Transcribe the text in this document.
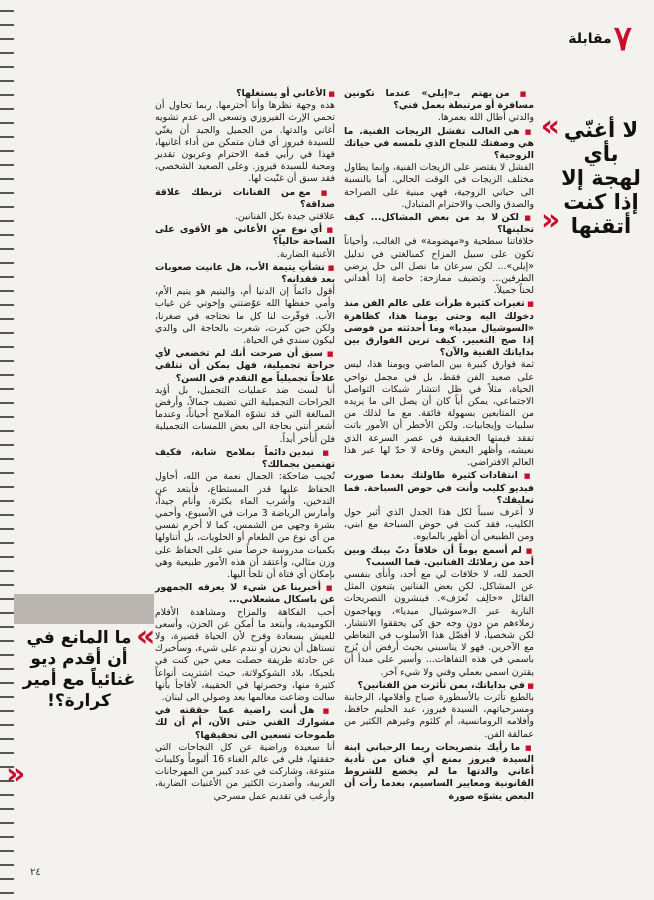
٧
مقابلة
« لا أغنّي بأي لهجة إلا إذا كنت أتقنها
«
«
ما المانع في أن أقدم ديو غنائياً مع أمير كرارة؟!
«

■ من يهتم بـ«إيلي» عندما تكونين مسافرة أو مرتبطة بعمل فني؟

والدتي أطال الله بعمرها.

■ هي الغالب تفشل الزيجات الفنية. ما هي وصفتك للنجاح الذي نلمسه في حياتك الزوجية؟

الفشل لا يقتصر على الزيجات الفنية، وإنما يطاول مختلف الزيجات في الوقت الحالي. أما بالنسبة الى حياتي الزوجية، فهي مبنية على الصراحة والصدق والحب والاحترام المتبادل.

■ لكن لا بد من بعض المشاكل... كيف تحلينها؟

خلافاتنا سطحية و«مهضومة» في الغالب، وأحياناً تكون على سبيل المزاح كمبالغتي في تدليل «إيلي»... لكن سرعان ما نصل الى حل يرضي الطرفين... وتضيف ممازحة: خاصة إذا أهداني لحناً جميلاً.

■ تغيرات كثيرة طرأت على عالم الفن منذ دخولك اليه وحتى يومنا هذا، كظاهرة «السوشيال ميديا» وما أحدثته من فوضى إذا صح التعبير. كيف ترين الفوارق بين بداياتك الفنية والآن؟

ثمة فوارق كبيرة بين الماضي ويومنا هذا، ليس على صعيد الفن فقط، بل في مجمل نواحي الحياة، مثلاً في ظل انتشار شبكات التواصل الاجتماعي، يمكن أياً كان أن يصل الى ما يريده من المتابعين بسهولة فائقة. مع ما لذلك من سلبيات وإيجابيات. ولكن الأخطر أن الأمور باتت تفقد قيمتها الحقيقية في عصر السرعة الذي نعيشه، وأظهر البعض وقاحة لا حدّ لها عبر هذا العالم الافتراضي.

■ انتقادات كثيرة طاولتك بعدما صورت فيديو كليب وأنت في حوض السباحة. فما تعليقك؟

لا أعرف سبباً لكل هذا الجدل الذي أثير حول الكليب، فقد كنت في حوض السباحة مع ابني، ومن الطبيعي أن أظهر بالمايوه.

■ لم أسمع يوماً أن خلافاً دبّ بينك وبين أحد من زملائك الفنانين. فما السبب؟

الحمد لله، لا خلافات لي مع أحد، وأنأى بنفسي عن المشاكل. لكن بعض الفنانين يتبعون المثل القائل «خالِف تُعرَف». فينشرون التصريحات النارية عبر الـ«سوشيال ميديا»، ويهاجمون زملاءهم من دون وجه حق كي يحققوا الانتشار. لكن شخصياً، لا أفضّل هذا الأسلوب في التعاطي مع الآخرين. فهو لا يناسبني بحيث أرفض أن يُزج باسمي في هذه التفاهات... وأسير على مبدأ أن يقترن اسمي بعملي وفني ولا شيء آخر.

■ في بداياتك، بمن تأثرت من الفنانين؟

بالطبع تأثرت بالأسطورة صباح وأفلامها، الرحابنة ومسرحياتهم، السيدة فيروز، عبد الحليم حافظ، وأفلامه الرومانسية، أم كلثوم وغيرهم الكثير من عمالقة الفن.

■ ما رأيك بتصريحات ريما الرحباني ابنة السيدة فيروز بمنع أي فنان من تأدية أغاني والدتها ما لم يخضع للشروط القانونية ومعايير الساسيم، بعدما رأت أن البعض يشوّه صورة

■ الأغاني أو يستغلها؟

هذه وجهة نظرها وأنا أحترمها. ربما تحاول أن تحمي الإرث الفيروزي وتسعى الى عدم تشويه أغاني والدتها. من الجميل والجيد أن يغنّي للسيدة فيروز أي فنان متمكن من أداء أغانيها، فهذا في رأيي قمة الاحترام وعربون تقدير ومحبة للسيدة فيروز. وعلى الصعيد الشخصي، فقد سبق أن غنّيت لها.

■ مع من الفنانات تربطك علاقة صداقة؟

علاقتي جيدة بكل الفنانين.

■ أي نوع من الأغاني هو الأقوى على الساحة حالياً؟

الأغنية الضاربة.

■ نشأتِ يتيمة الأب، هل عانيت صعوبات بعد فقدانه؟

أقول دائماً إن الدنيا أم، واليتيم هو يتيم الأم، وأمي حفظها الله عوّضتني وإخوتي عن غياب الأب. فوفّرت لنا كل ما نحتاجه في صغرنا، ولكن حين كبرت، شعرت بالحاجة الى والدي ليكون سندي في الحياة.

■ سبق أن صرحت أنك لم تخضعي لأي جراحة تجميلية، فهل يمكن أن تتلقي علاجاً تجميلياً مع التقدم في السن؟

أنا لست ضد عمليات التجميل، بل أؤيد الجراحات التجميلية التي تضيف جمالاً، وأرفض المبالغة التي قد تشوّه الملامح أحياناً، وعندما أشعر أنني بحاجة الى بعض اللمسات التجميلية فلن أتأخر أبداً.

■ تبدين دائماً بملامح شابة، فكيف تهتمين بجمالك؟

تُجيب ضاحكة: الجمال نعمة من الله، أحاول الحفاظ عليها قدر المستطاع، فأبتعد عن التدخين، وأشرب الماء بكثرة، وأنام جيداً، وأمارس الرياضة 3 مرات في الأسبوع، وأحمي بشرة وجهي من الشمس، كما لا أحرم نفسي من أي نوع من الطعام أو الحلويات، بل أتناولها بكميات مدروسة حرصاً مني على الحفاظ على وزن مثالي، وأعتقد أن هذه الأمور طبيعية وهي بإمكان أي فتاة أن تلجأ اليها.

■ أخبرينا عن شيء لا يعرفه الجمهور عن باسكال مشعلاني...

أحب الفكاهة والمزاح ومشاهدة الأفلام الكوميدية، وأبتعد ما أمكن عن الحزن، وأسعى للعيش بسعادة وفرح لأن الحياة قصيرة، ولا تستاهل أن نحزن أو نندم على شيء، وسأخبرك عن حادثة طريفة حصلت معي حين كنت في بلجيكا، بلاد الشوكولاتة، حيث اشتريت أنواعاً كثيرة منها، وحصرتها في الحقيبة، لأفاجأ بأنها سالت وضاعت معالمها بعد وصولي الى لبنان.

■ هل أنت راضية عما حققته في مشوارك الفني حتى الآن، أم أن لك طموحات تسعين الى تحقيقها؟

أنا سعيدة وراضية عن كل النجاحات التي حققتها، فلي في عالم الغناء 16 ألبوماً وكليبات متنوعة، وشاركت في عدد كبير من المهرجانات العربية، وأصدرت الكثير من الأغنيات الضاربة، وأرغب في تقديم عمل مسرحي

٢٤
